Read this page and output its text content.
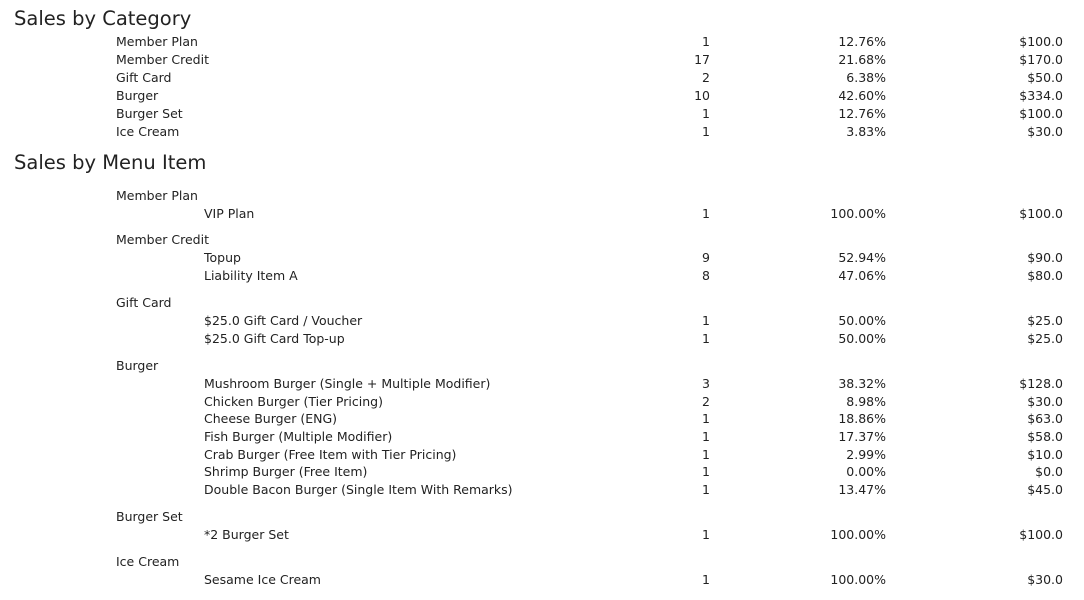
Sales by Category
Member Plan	1	12.76%	$100.0
Member Credit	17	21.68%	$170.0
Gift Card	2	6.38%	$50.0
Burger	10	42.60%	$334.0
Burger Set	1	12.76%	$100.0
Ice Cream	1	3.83%	$30.0
Sales by Menu Item
Member Plan
VIP Plan	1	100.00%	$100.0
Member Credit
Topup	9	52.94%	$90.0
Liability Item A	8	47.06%	$80.0
Gift Card
$25.0 Gift Card / Voucher	1	50.00%	$25.0
$25.0 Gift Card Top-up	1	50.00%	$25.0
Burger
Mushroom Burger (Single + Multiple Modifier)	3	38.32%	$128.0
Chicken Burger (Tier Pricing)	2	8.98%	$30.0
Cheese Burger (ENG)	1	18.86%	$63.0
Fish Burger (Multiple Modifier)	1	17.37%	$58.0
Crab Burger (Free Item with Tier Pricing)	1	2.99%	$10.0
Shrimp Burger (Free Item)	1	0.00%	$0.0
Double Bacon Burger (Single Item With Remarks)	1	13.47%	$45.0
Burger Set
*2 Burger Set	1	100.00%	$100.0
Ice Cream
Sesame Ice Cream	1	100.00%	$30.0
